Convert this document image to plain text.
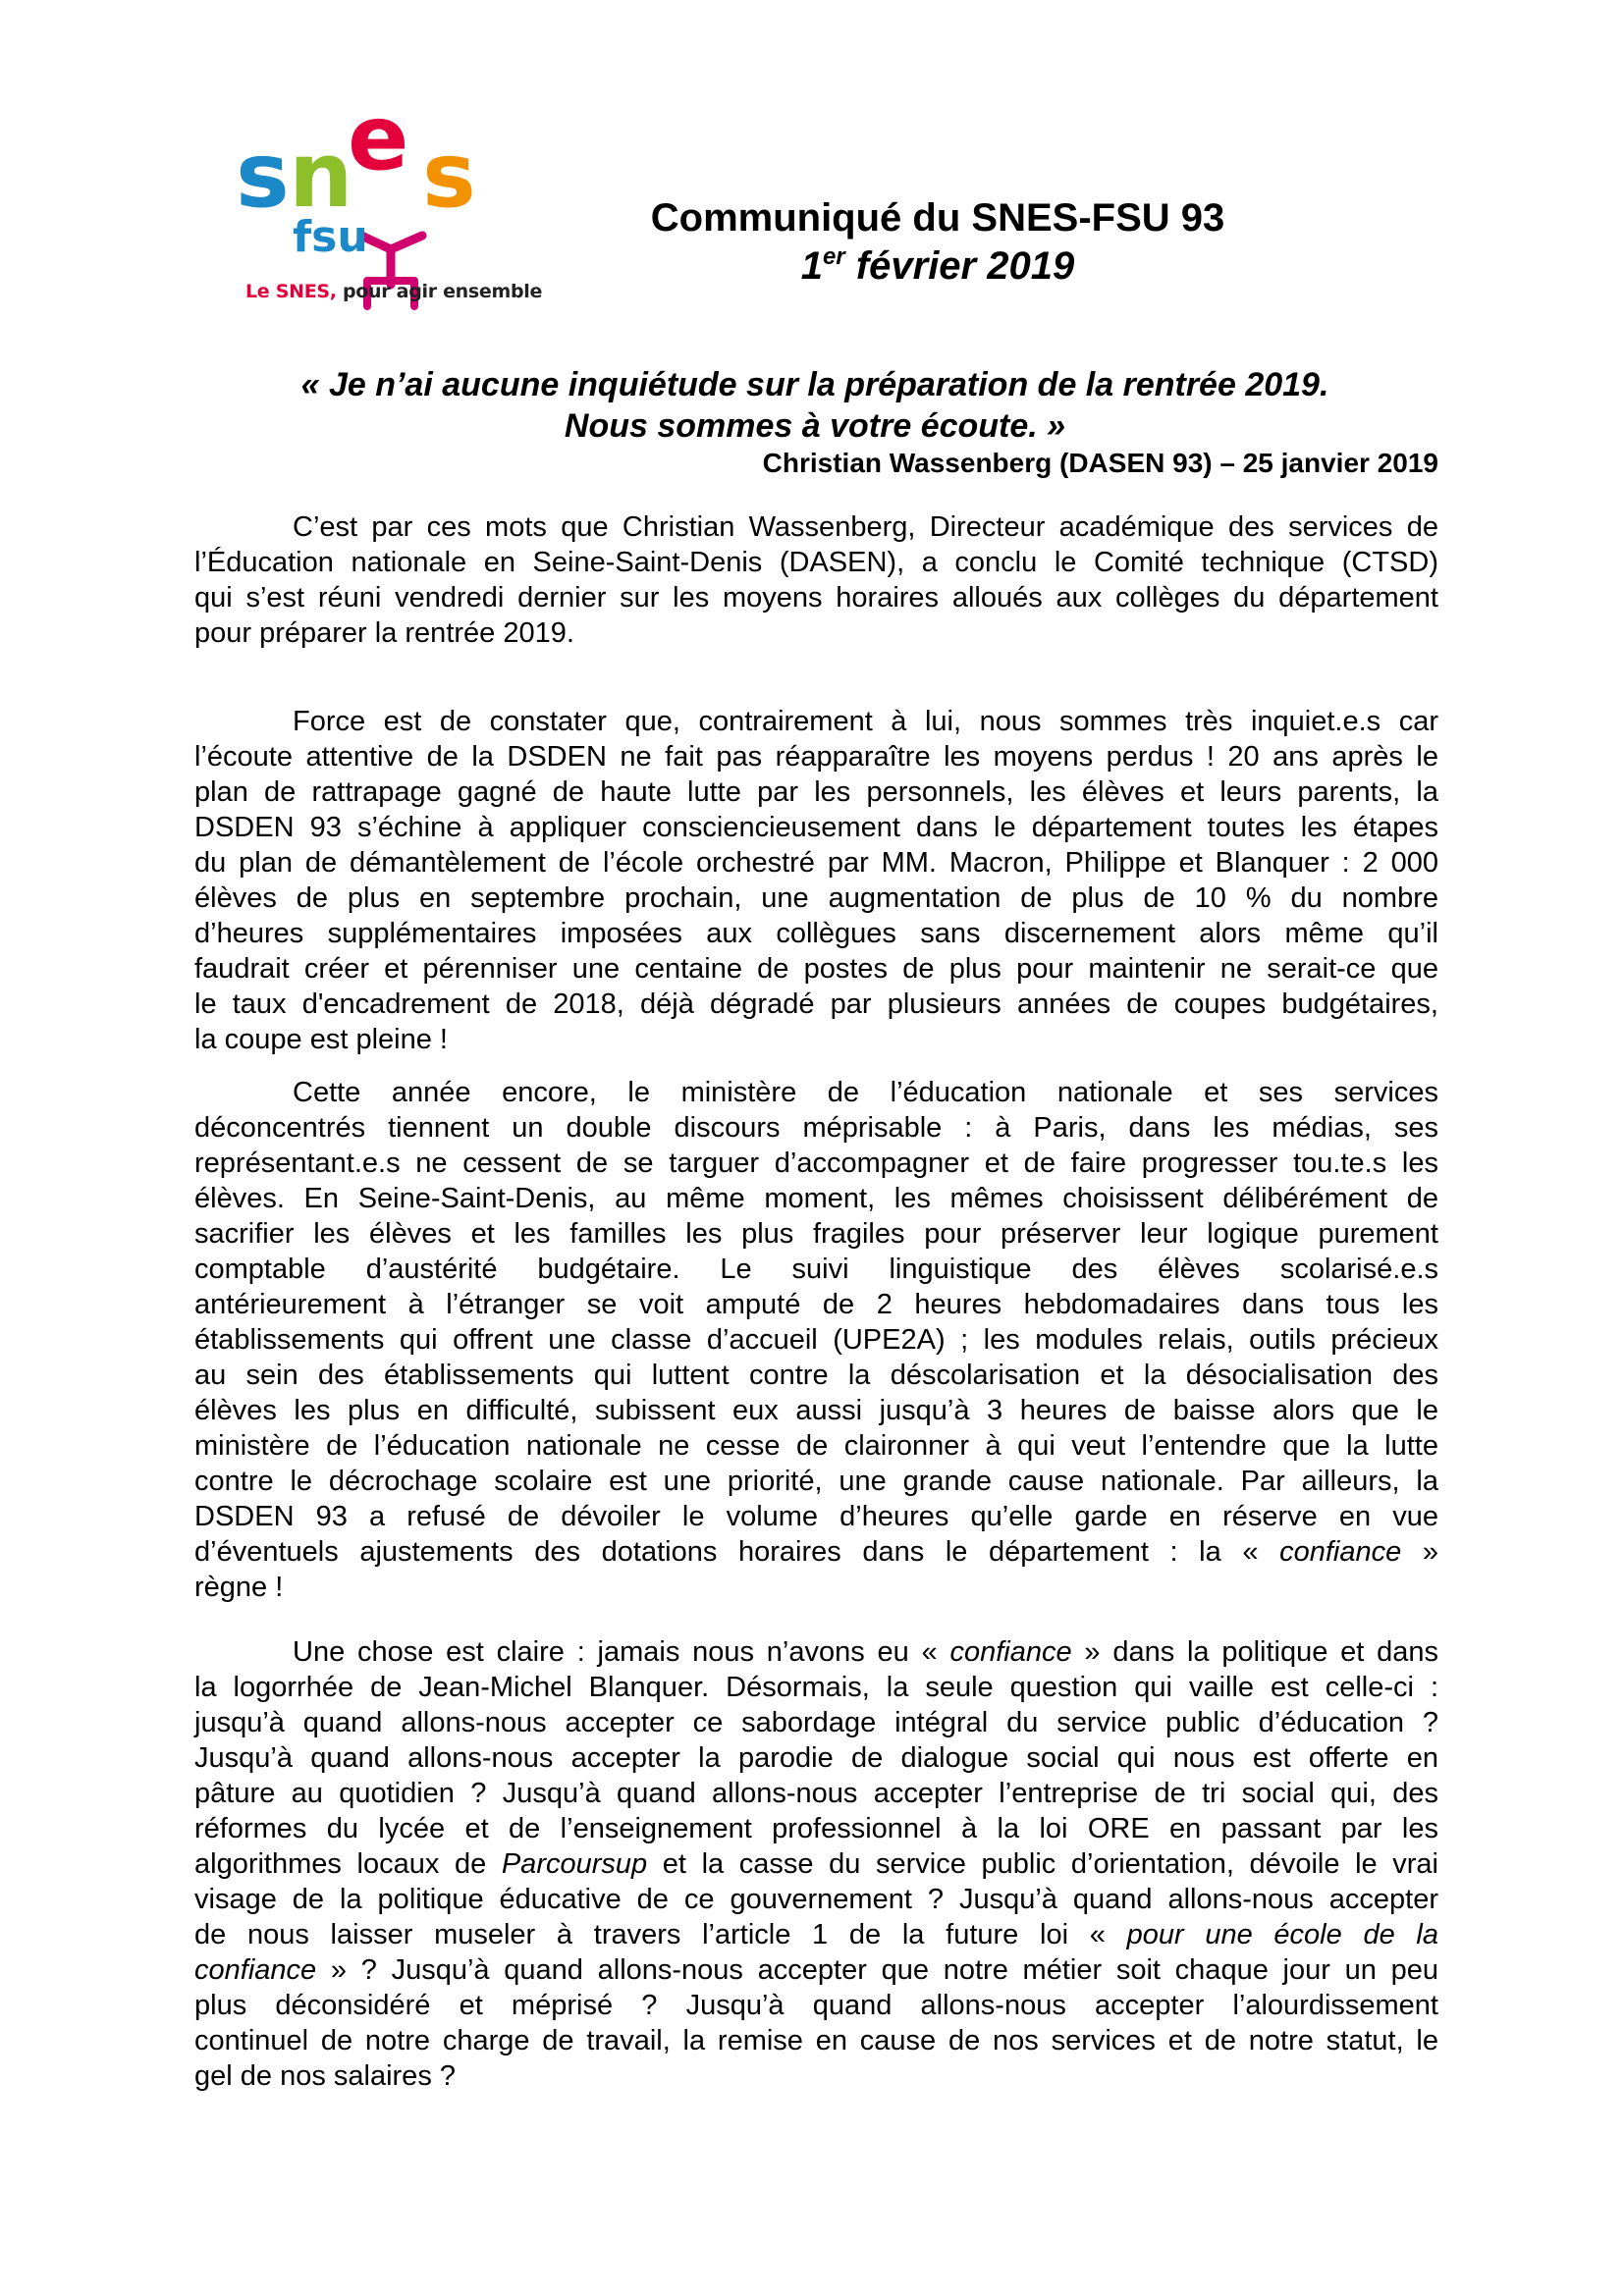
s n
e s
fsu
Le SNES, pour agir ensemble
Communiqué du SNES-FSU 93
1er février 2019
« Je n’ai aucune inquiétude sur la préparation de la rentrée 2019.
Nous sommes à votre écoute. »
Christian Wassenberg (DASEN 93) – 25 janvier 2019

C’est par ces mots que Christian Wassenberg, Directeur académique des services de
l’Éducation nationale en Seine-Saint-Denis (DASEN), a conclu le Comité technique (CTSD)
qui s’est réuni vendredi dernier sur les moyens horaires alloués aux collèges du département
pour préparer la rentrée 2019.

Force est de constater que, contrairement à lui, nous sommes très inquiet.e.s car
l’écoute attentive de la DSDEN ne fait pas réapparaître les moyens perdus ! 20 ans après le
plan de rattrapage gagné de haute lutte par les personnels, les élèves et leurs parents, la
DSDEN 93 s’échine à appliquer consciencieusement dans le département toutes les étapes
du plan de démantèlement de l’école orchestré par MM. Macron, Philippe et Blanquer : 2 000
élèves de plus en septembre prochain, une augmentation de plus de 10 % du nombre
d’heures supplémentaires imposées aux collègues sans discernement alors même qu’il
faudrait créer et pérenniser une centaine de postes de plus pour maintenir ne serait-ce que
le taux d'encadrement de 2018, déjà dégradé par plusieurs années de coupes budgétaires,
la coupe est pleine !

Cette année encore, le ministère de l’éducation nationale et ses services
déconcentrés tiennent un double discours méprisable : à Paris, dans les médias, ses
représentant.e.s ne cessent de se targuer d’accompagner et de faire progresser tou.te.s les
élèves. En Seine-Saint-Denis, au même moment, les mêmes choisissent délibérément de
sacrifier les élèves et les familles les plus fragiles pour préserver leur logique purement
comptable d’austérité budgétaire. Le suivi linguistique des élèves scolarisé.e.s
antérieurement à l’étranger se voit amputé de 2 heures hebdomadaires dans tous les
établissements qui offrent une classe d’accueil (UPE2A) ; les modules relais, outils précieux
au sein des établissements qui luttent contre la déscolarisation et la désocialisation des
élèves les plus en difficulté, subissent eux aussi jusqu’à 3 heures de baisse alors que le
ministère de l’éducation nationale ne cesse de claironner à qui veut l’entendre que la lutte
contre le décrochage scolaire est une priorité, une grande cause nationale. Par ailleurs, la
DSDEN 93 a refusé de dévoiler le volume d’heures qu’elle garde en réserve en vue
d’éventuels ajustements des dotations horaires dans le département : la « confiance »
règne !

Une chose est claire : jamais nous n’avons eu « confiance » dans la politique et dans
la logorrhée de Jean-Michel Blanquer. Désormais, la seule question qui vaille est celle-ci :
jusqu’à quand allons-nous accepter ce sabordage intégral du service public d’éducation ?
Jusqu’à quand allons-nous accepter la parodie de dialogue social qui nous est offerte en
pâture au quotidien ? Jusqu’à quand allons-nous accepter l’entreprise de tri social qui, des
réformes du lycée et de l’enseignement professionnel à la loi ORE en passant par les
algorithmes locaux de Parcoursup et la casse du service public d’orientation, dévoile le vrai
visage de la politique éducative de ce gouvernement ? Jusqu’à quand allons-nous accepter
de nous laisser museler à travers l’article 1 de la future loi « pour une école de la
confiance » ? Jusqu’à quand allons-nous accepter que notre métier soit chaque jour un peu
plus déconsidéré et méprisé ? Jusqu’à quand allons-nous accepter l’alourdissement
continuel de notre charge de travail, la remise en cause de nos services et de notre statut, le
gel de nos salaires ?
